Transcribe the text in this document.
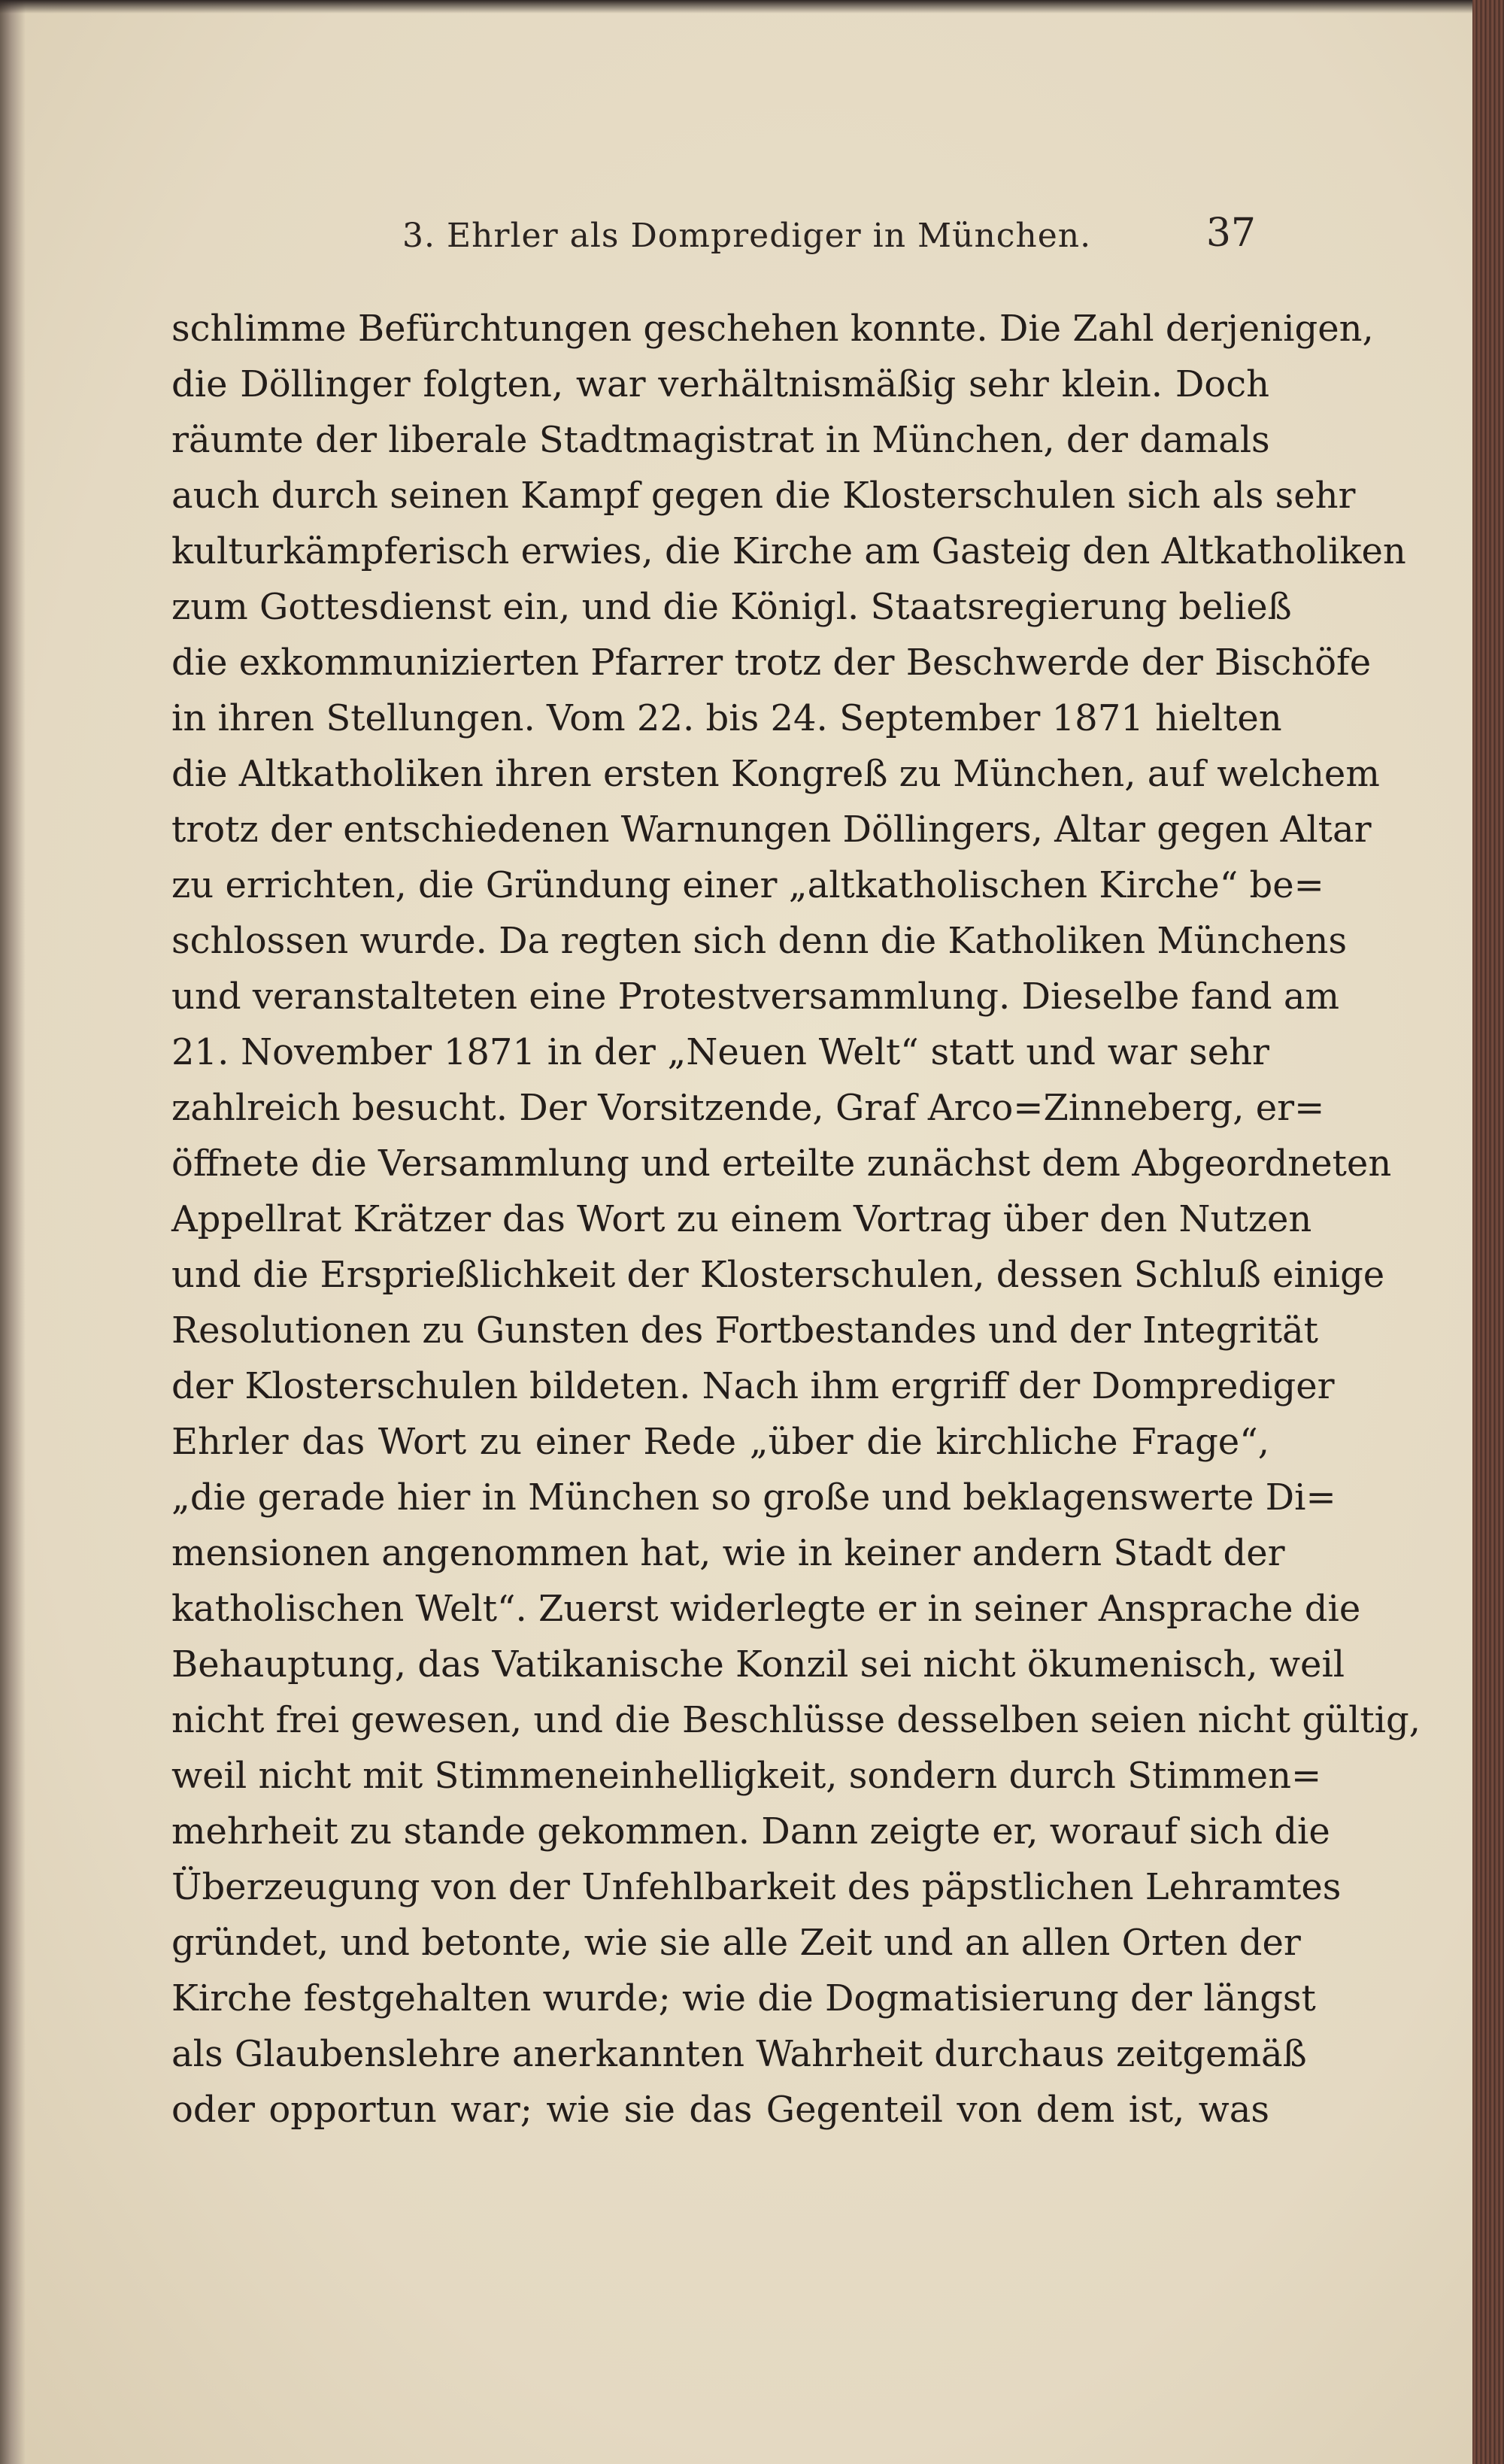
3. Ehrler als Domprediger in München.	37
schlimme Befürchtungen geschehen konnte. Die Zahl derjenigen,
die Döllinger folgten, war verhältnismäßig sehr klein. Doch
räumte der liberale Stadtmagistrat in München, der damals
auch durch seinen Kampf gegen die Klosterschulen sich als sehr
kulturkämpferisch erwies, die Kirche am Gasteig den Altkatholiken
zum Gottesdienst ein, und die Königl. Staatsregierung beließ
die exkommunizierten Pfarrer trotz der Beschwerde der Bischöfe
in ihren Stellungen. Vom 22. bis 24. September 1871 hielten
die Altkatholiken ihren ersten Kongreß zu München, auf welchem
trotz der entschiedenen Warnungen Döllingers, Altar gegen Altar
zu errichten, die Gründung einer „altkatholischen Kirche“ be=
schlossen wurde. Da regten sich denn die Katholiken Münchens
und veranstalteten eine Protestversammlung. Dieselbe fand am
21. November 1871 in der „Neuen Welt“ statt und war sehr
zahlreich besucht. Der Vorsitzende, Graf Arco=Zinneberg, er=
öffnete die Versammlung und erteilte zunächst dem Abgeordneten
Appellrat Krätzer das Wort zu einem Vortrag über den Nutzen
und die Ersprießlichkeit der Klosterschulen, dessen Schluß einige
Resolutionen zu Gunsten des Fortbestandes und der Integrität
der Klosterschulen bildeten. Nach ihm ergriff der Domprediger
Ehrler das Wort zu einer Rede „über die kirchliche Frage“,
„die gerade hier in München so große und beklagenswerte Di=
mensionen angenommen hat, wie in keiner andern Stadt der
katholischen Welt“. Zuerst widerlegte er in seiner Ansprache die
Behauptung, das Vatikanische Konzil sei nicht ökumenisch, weil
nicht frei gewesen, und die Beschlüsse desselben seien nicht gültig,
weil nicht mit Stimmeneinhelligkeit, sondern durch Stimmen=
mehrheit zu stande gekommen. Dann zeigte er, worauf sich die
Überzeugung von der Unfehlbarkeit des päpstlichen Lehramtes
gründet, und betonte, wie sie alle Zeit und an allen Orten der
Kirche festgehalten wurde; wie die Dogmatisierung der längst
als Glaubenslehre anerkannten Wahrheit durchaus zeitgemäß
oder opportun war; wie sie das Gegenteil von dem ist, was
